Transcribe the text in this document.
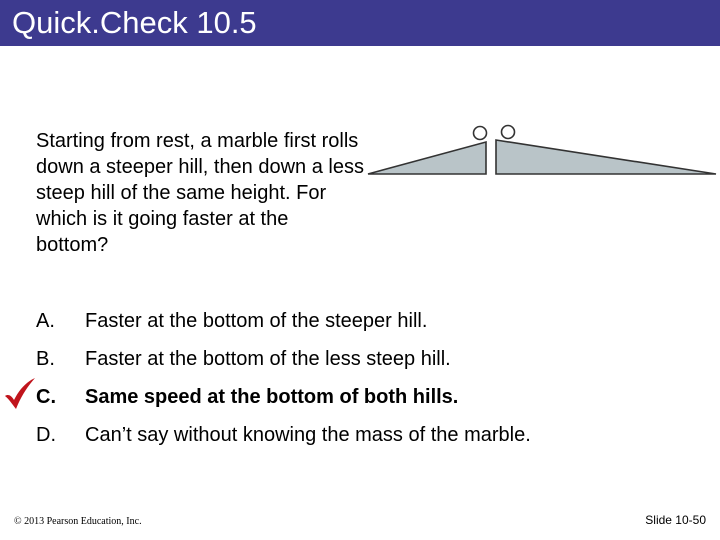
Quick.Check 10.5
Starting from rest, a marble first rolls down a steeper hill, then down a less steep hill of the same height. For which is it going faster at the bottom?
A. Faster at the bottom of the steeper hill.
B. Faster at the bottom of the less steep hill.
C. Same speed at the bottom of both hills.
D. Can’t say without knowing the mass of the marble.
© 2013 Pearson Education, Inc.	Slide 10-50
